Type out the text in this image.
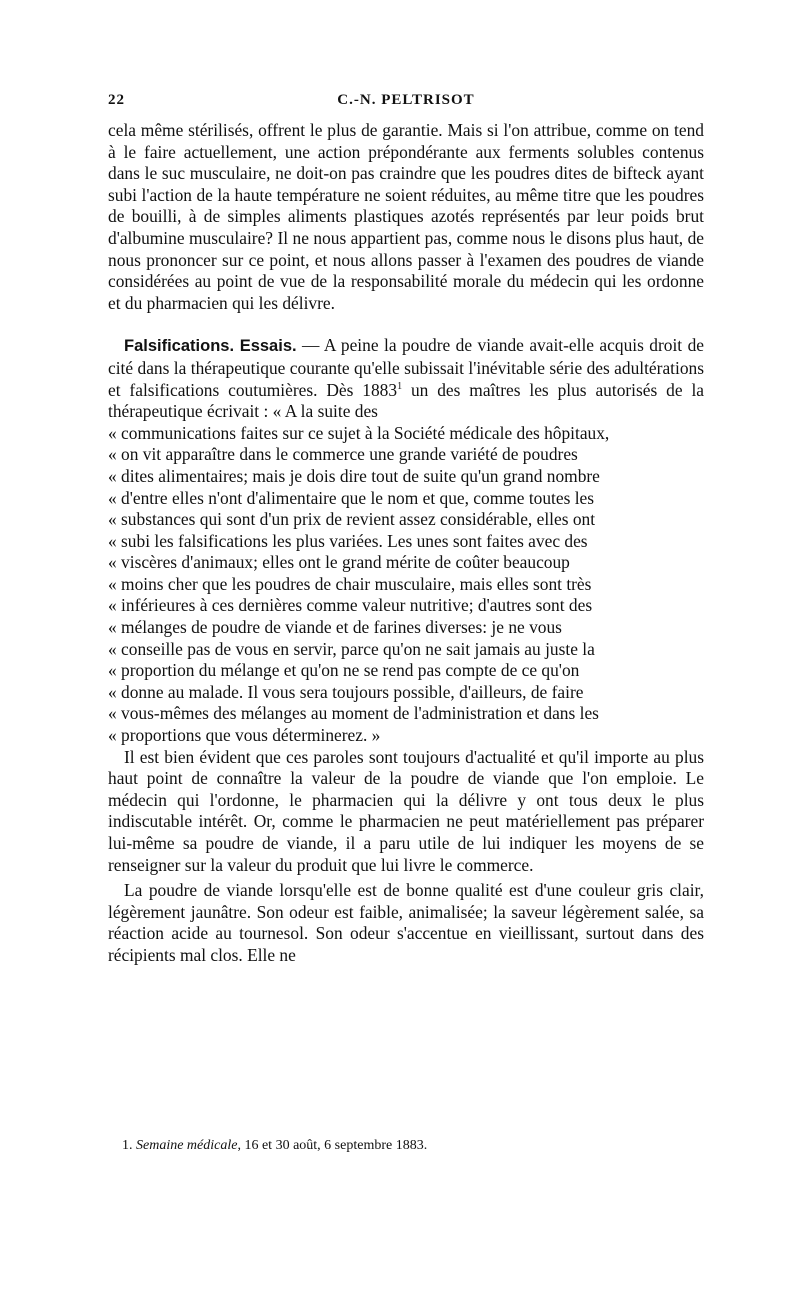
22	C.-N. PELTRISOT

cela même stérilisés, offrent le plus de garantie. Mais si l'on attribue, comme on tend à le faire actuellement, une action prépondérante aux ferments solubles contenus dans le suc musculaire, ne doit-on pas craindre que les poudres dites de bifteck ayant subi l'action de la haute température ne soient réduites, au même titre que les poudres de bouilli, à de simples aliments plastiques azotés représentés par leur poids brut d'albumine musculaire? Il ne nous appartient pas, comme nous le disons plus haut, de nous prononcer sur ce point, et nous allons passer à l'examen des poudres de viande considérées au point de vue de la responsabilité morale du médecin qui les ordonne et du pharmacien qui les délivre.

Falsifications. Essais. — A peine la poudre de viande avait-elle acquis droit de cité dans la thérapeutique courante qu'elle subissait l'inévitable série des adultérations et falsifications coutumières. Dès 1883$^1$ un des maîtres les plus autorisés de la thérapeutique écrivait : « A la suite des

« communications faites sur ce sujet à la Société médicale des hôpitaux,
« on vit apparaître dans le commerce une grande variété de poudres
« dites alimentaires; mais je dois dire tout de suite qu'un grand nombre
« d'entre elles n'ont d'alimentaire que le nom et que, comme toutes les
« substances qui sont d'un prix de revient assez considérable, elles ont
« subi les falsifications les plus variées. Les unes sont faites avec des
« viscères d'animaux; elles ont le grand mérite de coûter beaucoup
« moins cher que les poudres de chair musculaire, mais elles sont très
« inférieures à ces dernières comme valeur nutritive; d'autres sont des
« mélanges de poudre de viande et de farines diverses: je ne vous
« conseille pas de vous en servir, parce qu'on ne sait jamais au juste la
« proportion du mélange et qu'on ne se rend pas compte de ce qu'on
« donne au malade. Il vous sera toujours possible, d'ailleurs, de faire
« vous-mêmes des mélanges au moment de l'administration et dans les
« proportions que vous déterminerez. »

Il est bien évident que ces paroles sont toujours d'actualité et qu'il importe au plus haut point de connaître la valeur de la poudre de viande que l'on emploie. Le médecin qui l'ordonne, le pharmacien qui la délivre y ont tous deux le plus indiscutable intérêt. Or, comme le pharmacien ne peut matériellement pas préparer lui-même sa poudre de viande, il a paru utile de lui indiquer les moyens de se renseigner sur la valeur du produit que lui livre le commerce.

La poudre de viande lorsqu'elle est de bonne qualité est d'une couleur gris clair, légèrement jaunâtre. Son odeur est faible, animalisée; la saveur légèrement salée, sa réaction acide au tournesol. Son odeur s'accentue en vieillissant, surtout dans des récipients mal clos. Elle ne

1. Semaine médicale, 16 et 30 août, 6 septembre 1883.
